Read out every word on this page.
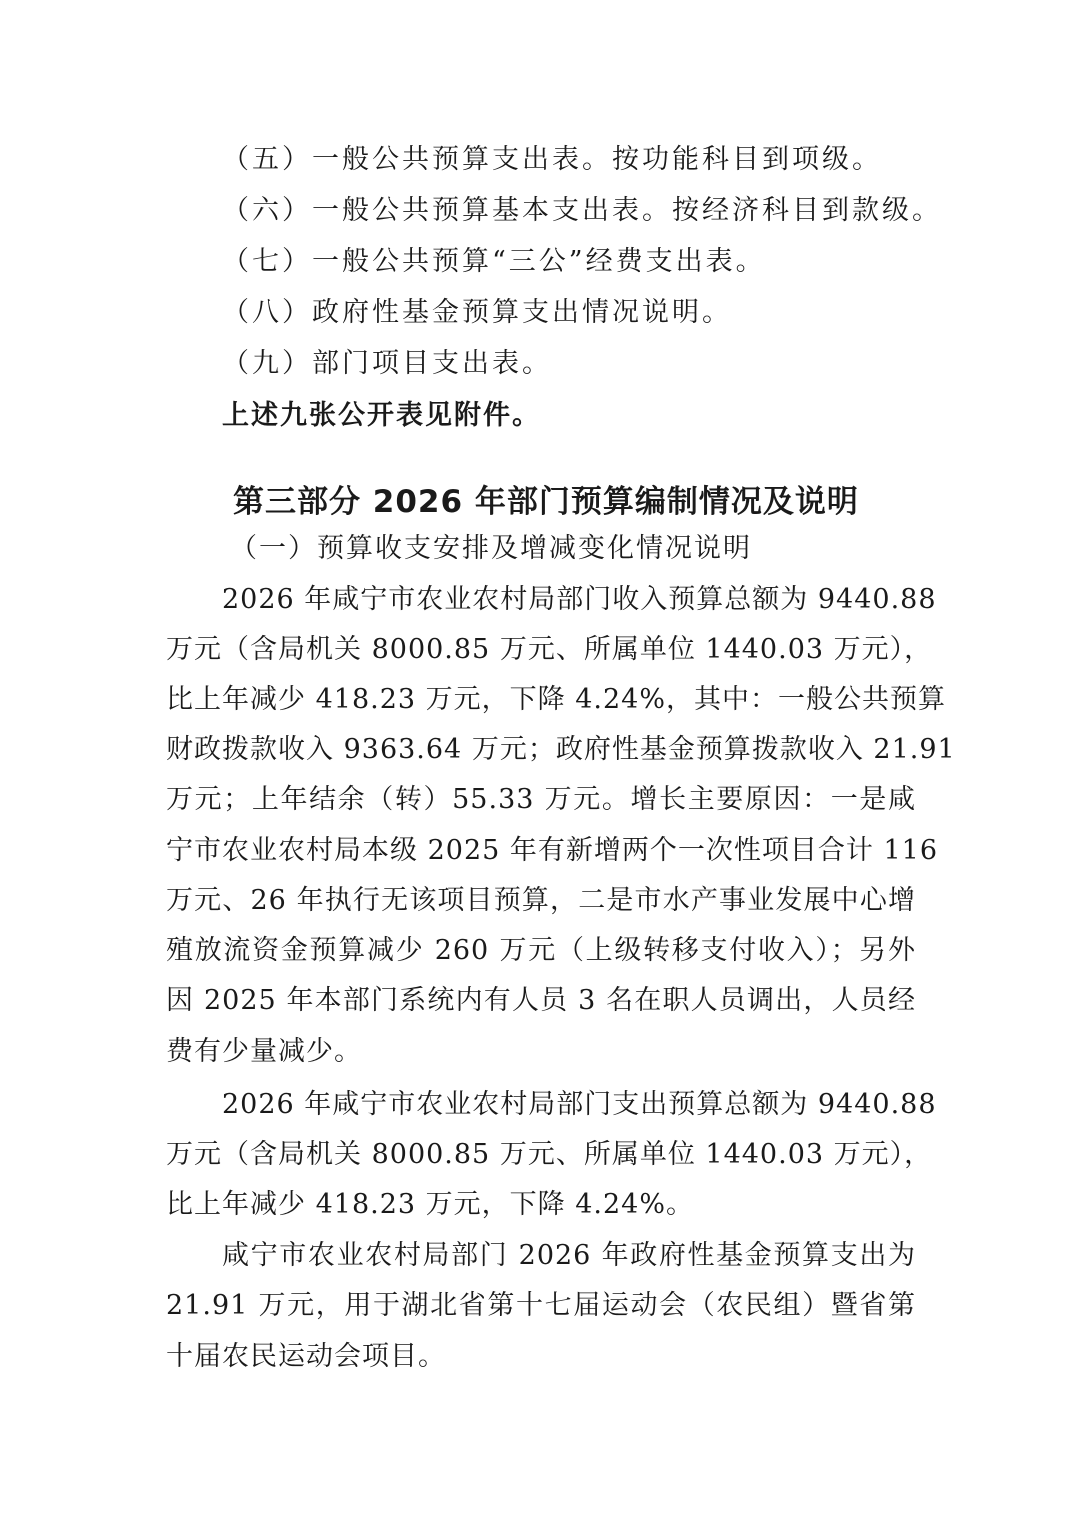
（五）一般公共预算支出表。按功能科目到项级。
（六）一般公共预算基本支出表。按经济科目到款级。
（七）一般公共预算“三公”经费支出表。
（八）政府性基金预算支出情况说明。
（九）部门项目支出表。
上述九张公开表见附件。
第三部分 2026 年部门预算编制情况及说明
（一）预算收支安排及增减变化情况说明
2026 年咸宁市农业农村局部门收入预算总额为 9440.88
万元（含局机关 8000.85 万元、所属单位 1440.03 万元），
比上年减少 418.23 万元，下降 4.24%，其中：一般公共预算
财政拨款收入 9363.64 万元；政府性基金预算拨款收入 21.91
万元；上年结余（转）55.33 万元。增长主要原因：一是咸
宁市农业农村局本级 2025 年有新增两个一次性项目合计 116
万元、26 年执行无该项目预算，二是市水产事业发展中心增
殖放流资金预算减少 260 万元（上级转移支付收入）；另外
因 2025 年本部门系统内有人员 3 名在职人员调出，人员经
费有少量减少。
2026 年咸宁市农业农村局部门支出预算总额为 9440.88
万元（含局机关 8000.85 万元、所属单位 1440.03 万元），
比上年减少 418.23 万元，下降 4.24%。
咸宁市农业农村局部门 2026 年政府性基金预算支出为
21.91 万元，用于湖北省第十七届运动会（农民组）暨省第
十届农民运动会项目。
